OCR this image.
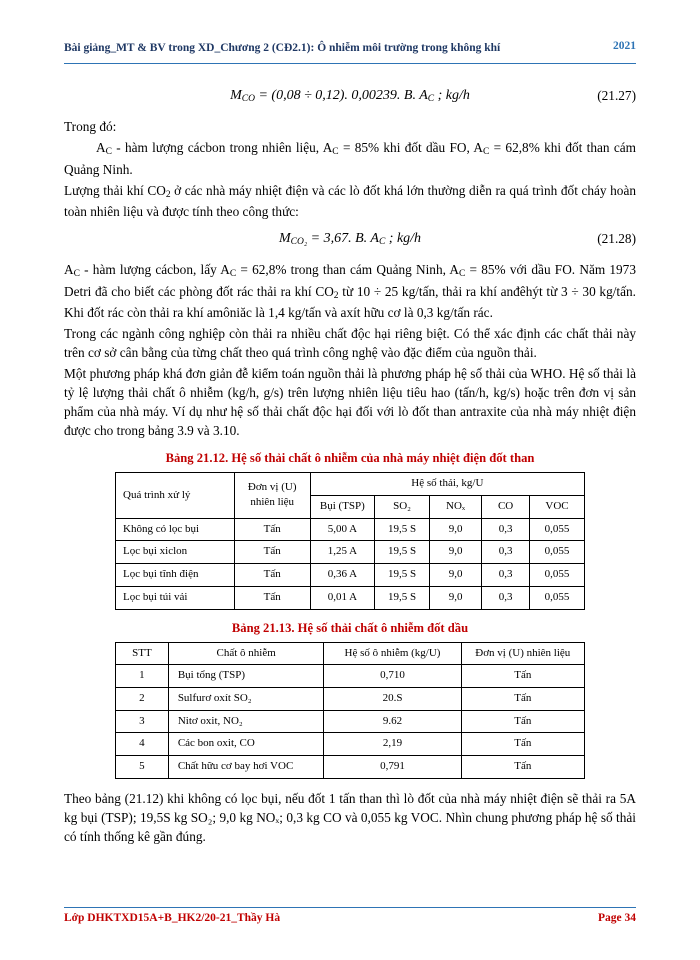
Bài giảng_MT & BV trong XD_Chương 2 (CĐ2.1): Ô nhiễm môi trường trong không khí	2021
$M_{CO} = (0,08 \div 0,12)$. 0,00239. B. $A_C$ ; kg/h	(21.27)

Trong đó:

$A_C$ - hàm lượng cácbon trong nhiên liệu, $A_C = 85\%$ khi đốt dầu FO, $A_C = 62,8\%$ khi đốt than cám Quảng Ninh.

Lượng thải khí $CO_2$ ở các nhà máy nhiệt điện và các lò đốt khá lớn thường diễn ra quá trình đốt cháy hoàn toàn nhiên liệu và được tính theo công thức:

$M_{CO_2} = 3,67$. B. $A_C$ ; kg/h	(21.28)

$A_C$ - hàm lượng cácbon, lấy $A_C = 62,8\%$ trong than cám Quảng Ninh, $A_C = 85\%$ với dầu FO. Năm 1973 Detri đã cho biết các phòng đốt rác thải ra khí $CO_2$ từ 10 ÷ 25 kg/tấn, thải ra khí anđêhýt từ 3 ÷ 30 kg/tấn. Khi đốt rác còn thải ra khí amôniăc là 1,4 kg/tấn và axít hữu cơ là 0,3 kg/tấn rác.

Trong các ngành công nghiệp còn thải ra nhiều chất độc hại riêng biệt. Có thể xác định các chất thải này trên cơ sở cân bằng của từng chất theo quá trình công nghệ vào đặc điểm của nguồn thải.

Một phương pháp khá đơn giản đễ kiểm toán nguồn thải là phương pháp hệ số thải của WHO. Hệ số thải là tỷ lệ lượng thải chất ô nhiễm (kg/h, g/s) trên lượng nhiên liệu tiêu hao (tấn/h, kg/s) hoặc trên đơn vị sản phẩm của nhà máy. Ví dụ như hệ số thải chất độc hại đối với lò đốt than antraxite của nhà máy nhiệt điện được cho trong bảng 3.9 và 3.10.

Bảng 21.12. Hệ số thải chất ô nhiễm của nhà máy nhiệt điện đốt than
Quá trình xử lý	Đơn vị (U) nhiên liệu	Hệ số thải, kg/U				
		Bụi (TSP)	SO₂	NOₓ	CO	VOC
Không có lọc bụi	Tấn	5,00 A	19,5 S	9,0	0,3	0,055
Lọc bụi xiclon	Tấn	1,25 A	19,5 S	9,0	0,3	0,055
Lọc bụi tĩnh điện	Tấn	0,36 A	19,5 S	9,0	0,3	0,055
Lọc bụi túi vải	Tấn	0,01 A	19,5 S	9,0	0,3	0,055
Bảng 21.13. Hệ số thải chất ô nhiễm đốt dầu
STT	Chất ô nhiễm	Hệ số ô nhiễm (kg/U)	Đơn vị (U) nhiên liệu
1	Bụi tổng (TSP)	0,710	Tấn
2	Sulfurơ oxít SO₂	20.S	Tấn
3	Nitơ oxit, NO₂	9.62	Tấn
4	Các bon oxit, CO	2,19	Tấn
5	Chất hữu cơ bay hơi VOC	0,791	Tấn

Theo bảng (21.12) khi không có lọc bụi, nếu đốt 1 tấn than thì lò đốt của nhà máy nhiệt điện sẽ thải ra 5A kg bụi (TSP); 19,5S kg SO₂; 9,0 kg NOₓ; 0,3 kg CO và 0,055 kg VOC. Nhìn chung phương pháp hệ số thải có tính thống kê gần đúng.

Lớp DHKTXD15A+B_HK2/20-21_Thầy Hà	Page 34
